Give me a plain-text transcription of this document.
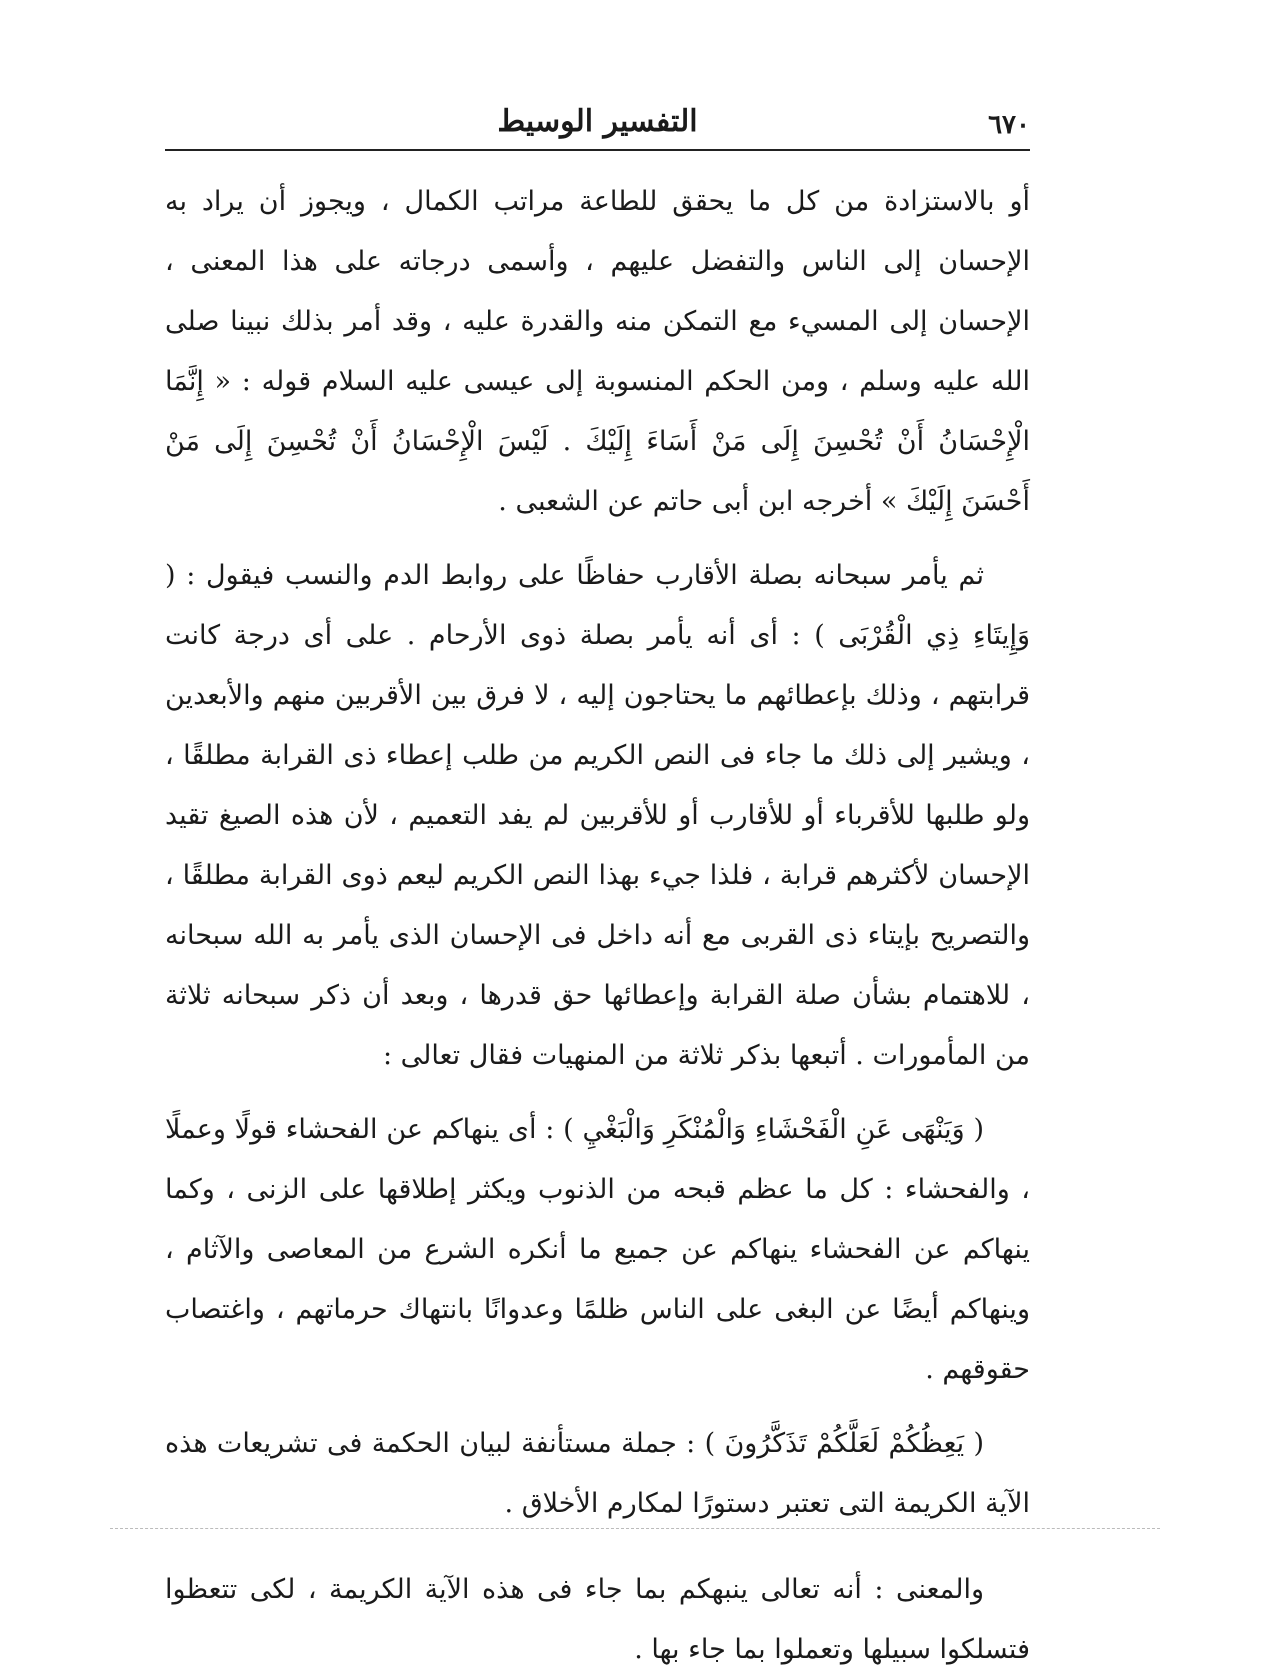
٦٧٠
التفسير الوسيط

أو بالاستزادة من كل ما يحقق للطاعة مراتب الكمال ، ويجوز أن يراد به الإحسان إلى الناس والتفضل عليهم ، وأسمى درجاته على هذا المعنى ، الإحسان إلى المسيء مع التمكن منه والقدرة عليه ، وقد أمر بذلك نبينا صلى الله عليه وسلم ، ومن الحكم المنسوبة إلى عيسى عليه السلام قوله : « إِنَّمَا الْإِحْسَانُ أَنْ تُحْسِنَ إِلَى مَنْ أَسَاءَ إِلَيْكَ . لَيْسَ الْإِحْسَانُ أَنْ تُحْسِنَ إِلَى مَنْ أَحْسَنَ إِلَيْكَ » أخرجه ابن أبى حاتم عن الشعبى .

ثم يأمر سبحانه بصلة الأقارب حفاظًا على روابط الدم والنسب فيقول : ( وَإِيتَاءِ ذِي الْقُرْبَى ) : أى أنه يأمر بصلة ذوى الأرحام . على أى درجة كانت قرابتهم ، وذلك بإعطائهم ما يحتاجون إليه ، لا فرق بين الأقربين منهم والأبعدين ، ويشير إلى ذلك ما جاء فى النص الكريم من طلب إعطاء ذى القرابة مطلقًا ، ولو طلبها للأقرباء أو للأقارب أو للأقربين لم يفد التعميم ، لأن هذه الصيغ تقيد الإحسان لأكثرهم قرابة ، فلذا جيء بهذا النص الكريم ليعم ذوى القرابة مطلقًا ، والتصريح بإيتاء ذى القربى مع أنه داخل فى الإحسان الذى يأمر به الله سبحانه ، للاهتمام بشأن صلة القرابة وإعطائها حق قدرها ، وبعد أن ذكر سبحانه ثلاثة من المأمورات . أتبعها بذكر ثلاثة من المنهيات فقال تعالى :

( وَيَنْهَى عَنِ الْفَحْشَاءِ وَالْمُنْكَرِ وَالْبَغْيِ ) : أى ينهاكم عن الفحشاء قولًا وعملًا ، والفحشاء : كل ما عظم قبحه من الذنوب ويكثر إطلاقها على الزنى ، وكما ينهاكم عن الفحشاء ينهاكم عن جميع ما أنكره الشرع من المعاصى والآثام ، وينهاكم أيضًا عن البغى على الناس ظلمًا وعدوانًا بانتهاك حرماتهم ، واغتصاب حقوقهم .

( يَعِظُكُمْ لَعَلَّكُمْ تَذَكَّرُونَ ) : جملة مستأنفة لبيان الحكمة فى تشريعات هذه الآية الكريمة التى تعتبر دستورًا لمكارم الأخلاق .

والمعنى : أنه تعالى ينبهكم بما جاء فى هذه الآية الكريمة ، لكى تتعظوا فتسلكوا سبيلها وتعملوا بما جاء بها .
